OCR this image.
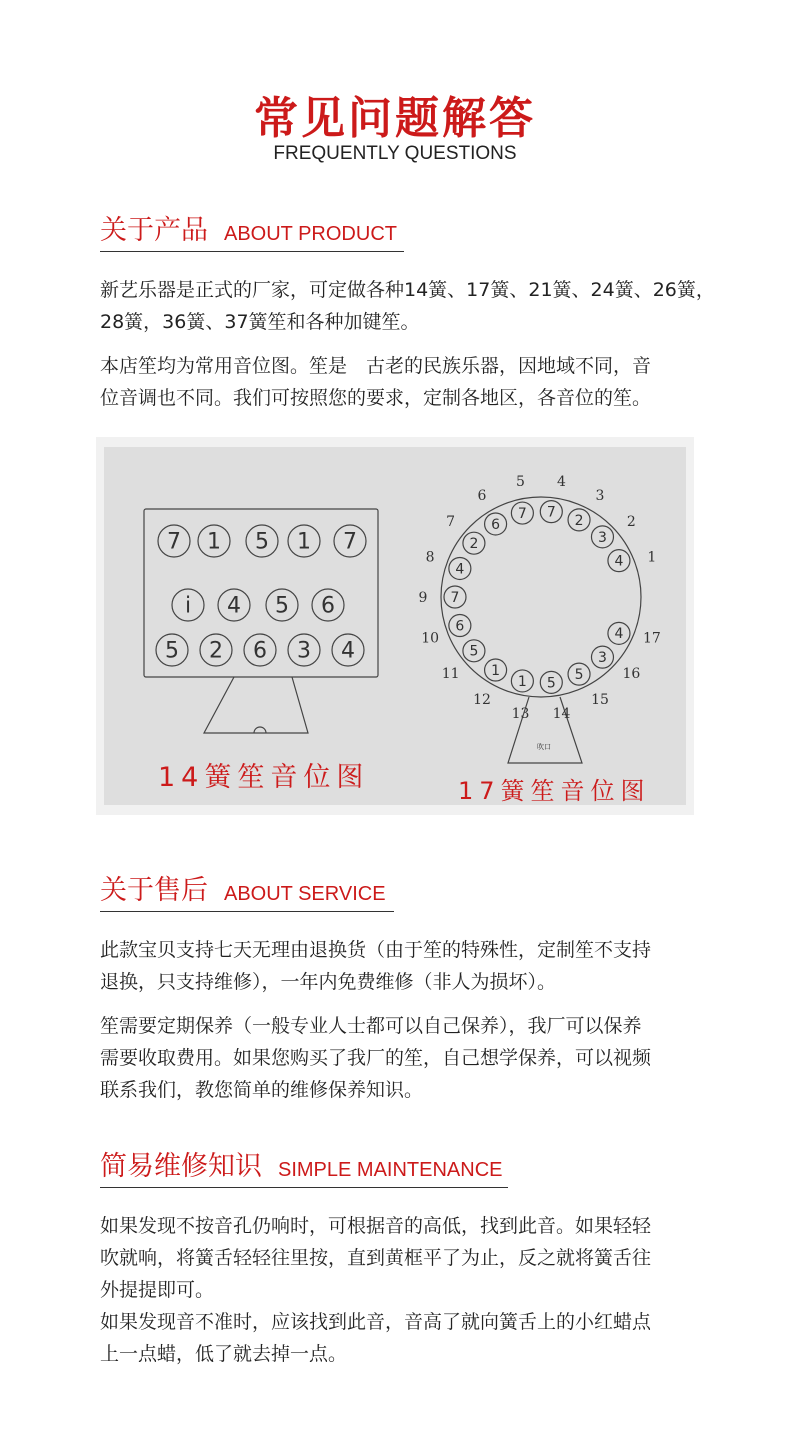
常见问题解答
FREQUENTLY QUESTIONS
关于产品 ABOUT PRODUCT
新艺乐器是正式的厂家，可定做各种14簧、17簧、21簧、24簧、26簧，
28簧，36簧、37簧笙和各种加键笙。
本店笙均为常用音位图。笙是　古老的民族乐器，因地域不同，音
位音调也不同。我们可按照您的要求，定制各地区，各音位的笙。
7 1 5 1 7
i 4 5 6
5 2 6 3 4
吹口
4
3
2
7
7
6
2
4
7
6
5
1
1 5
5
3
4
1
2
3
4
5
6
7
8
9
10
11
12
13 14
15
16
17
14簧笙音位图	17簧笙音位图
关于售后 ABOUT SERVICE
此款宝贝支持七天无理由退换货（由于笙的特殊性，定制笙不支持
退换，只支持维修），一年内免费维修（非人为损坏）。
笙需要定期保养（一般专业人士都可以自己保养），我厂可以保养
需要收取费用。如果您购买了我厂的笙，自己想学保养，可以视频
联系我们，教您简单的维修保养知识。
简易维修知识 SIMPLE MAINTENANCE
如果发现不按音孔仍响时，可根据音的高低，找到此音。如果轻轻
吹就响，将簧舌轻轻往里按，直到黄框平了为止，反之就将簧舌往
外提提即可。
如果发现音不准时，应该找到此音，音高了就向簧舌上的小红蜡点
上一点蜡，低了就去掉一点。
